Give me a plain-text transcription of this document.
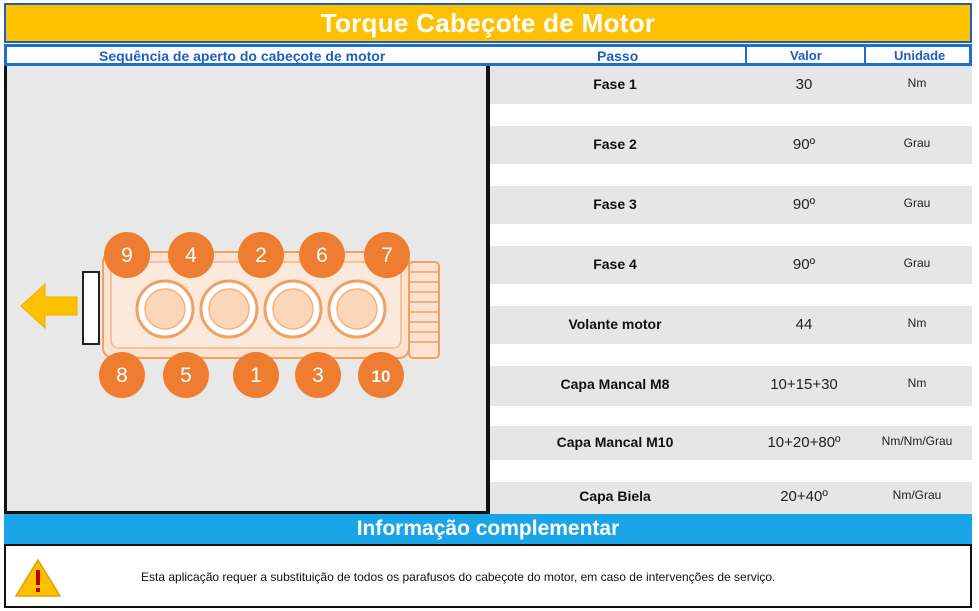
Torque Cabeçote de Motor
Sequência de aperto do cabeçote de motor	Passo	Valor	Unidade
9 4	2 6	7
8 5	1 3	10
Fase 1	30	Nm
Fase 2	90º	Grau
Fase 3	90º	Grau
Fase 4	90º	Grau
Volante motor	44	Nm
Capa Mancal M8	10+15+30	Nm
Capa Mancal M10	10+20+80º	Nm/Nm/Grau
Capa Biela	20+40º	Nm/Grau
Informação complementar
Esta aplicação requer a substituição de todos os parafusos do cabeçote do motor, em caso de intervenções de serviço.
